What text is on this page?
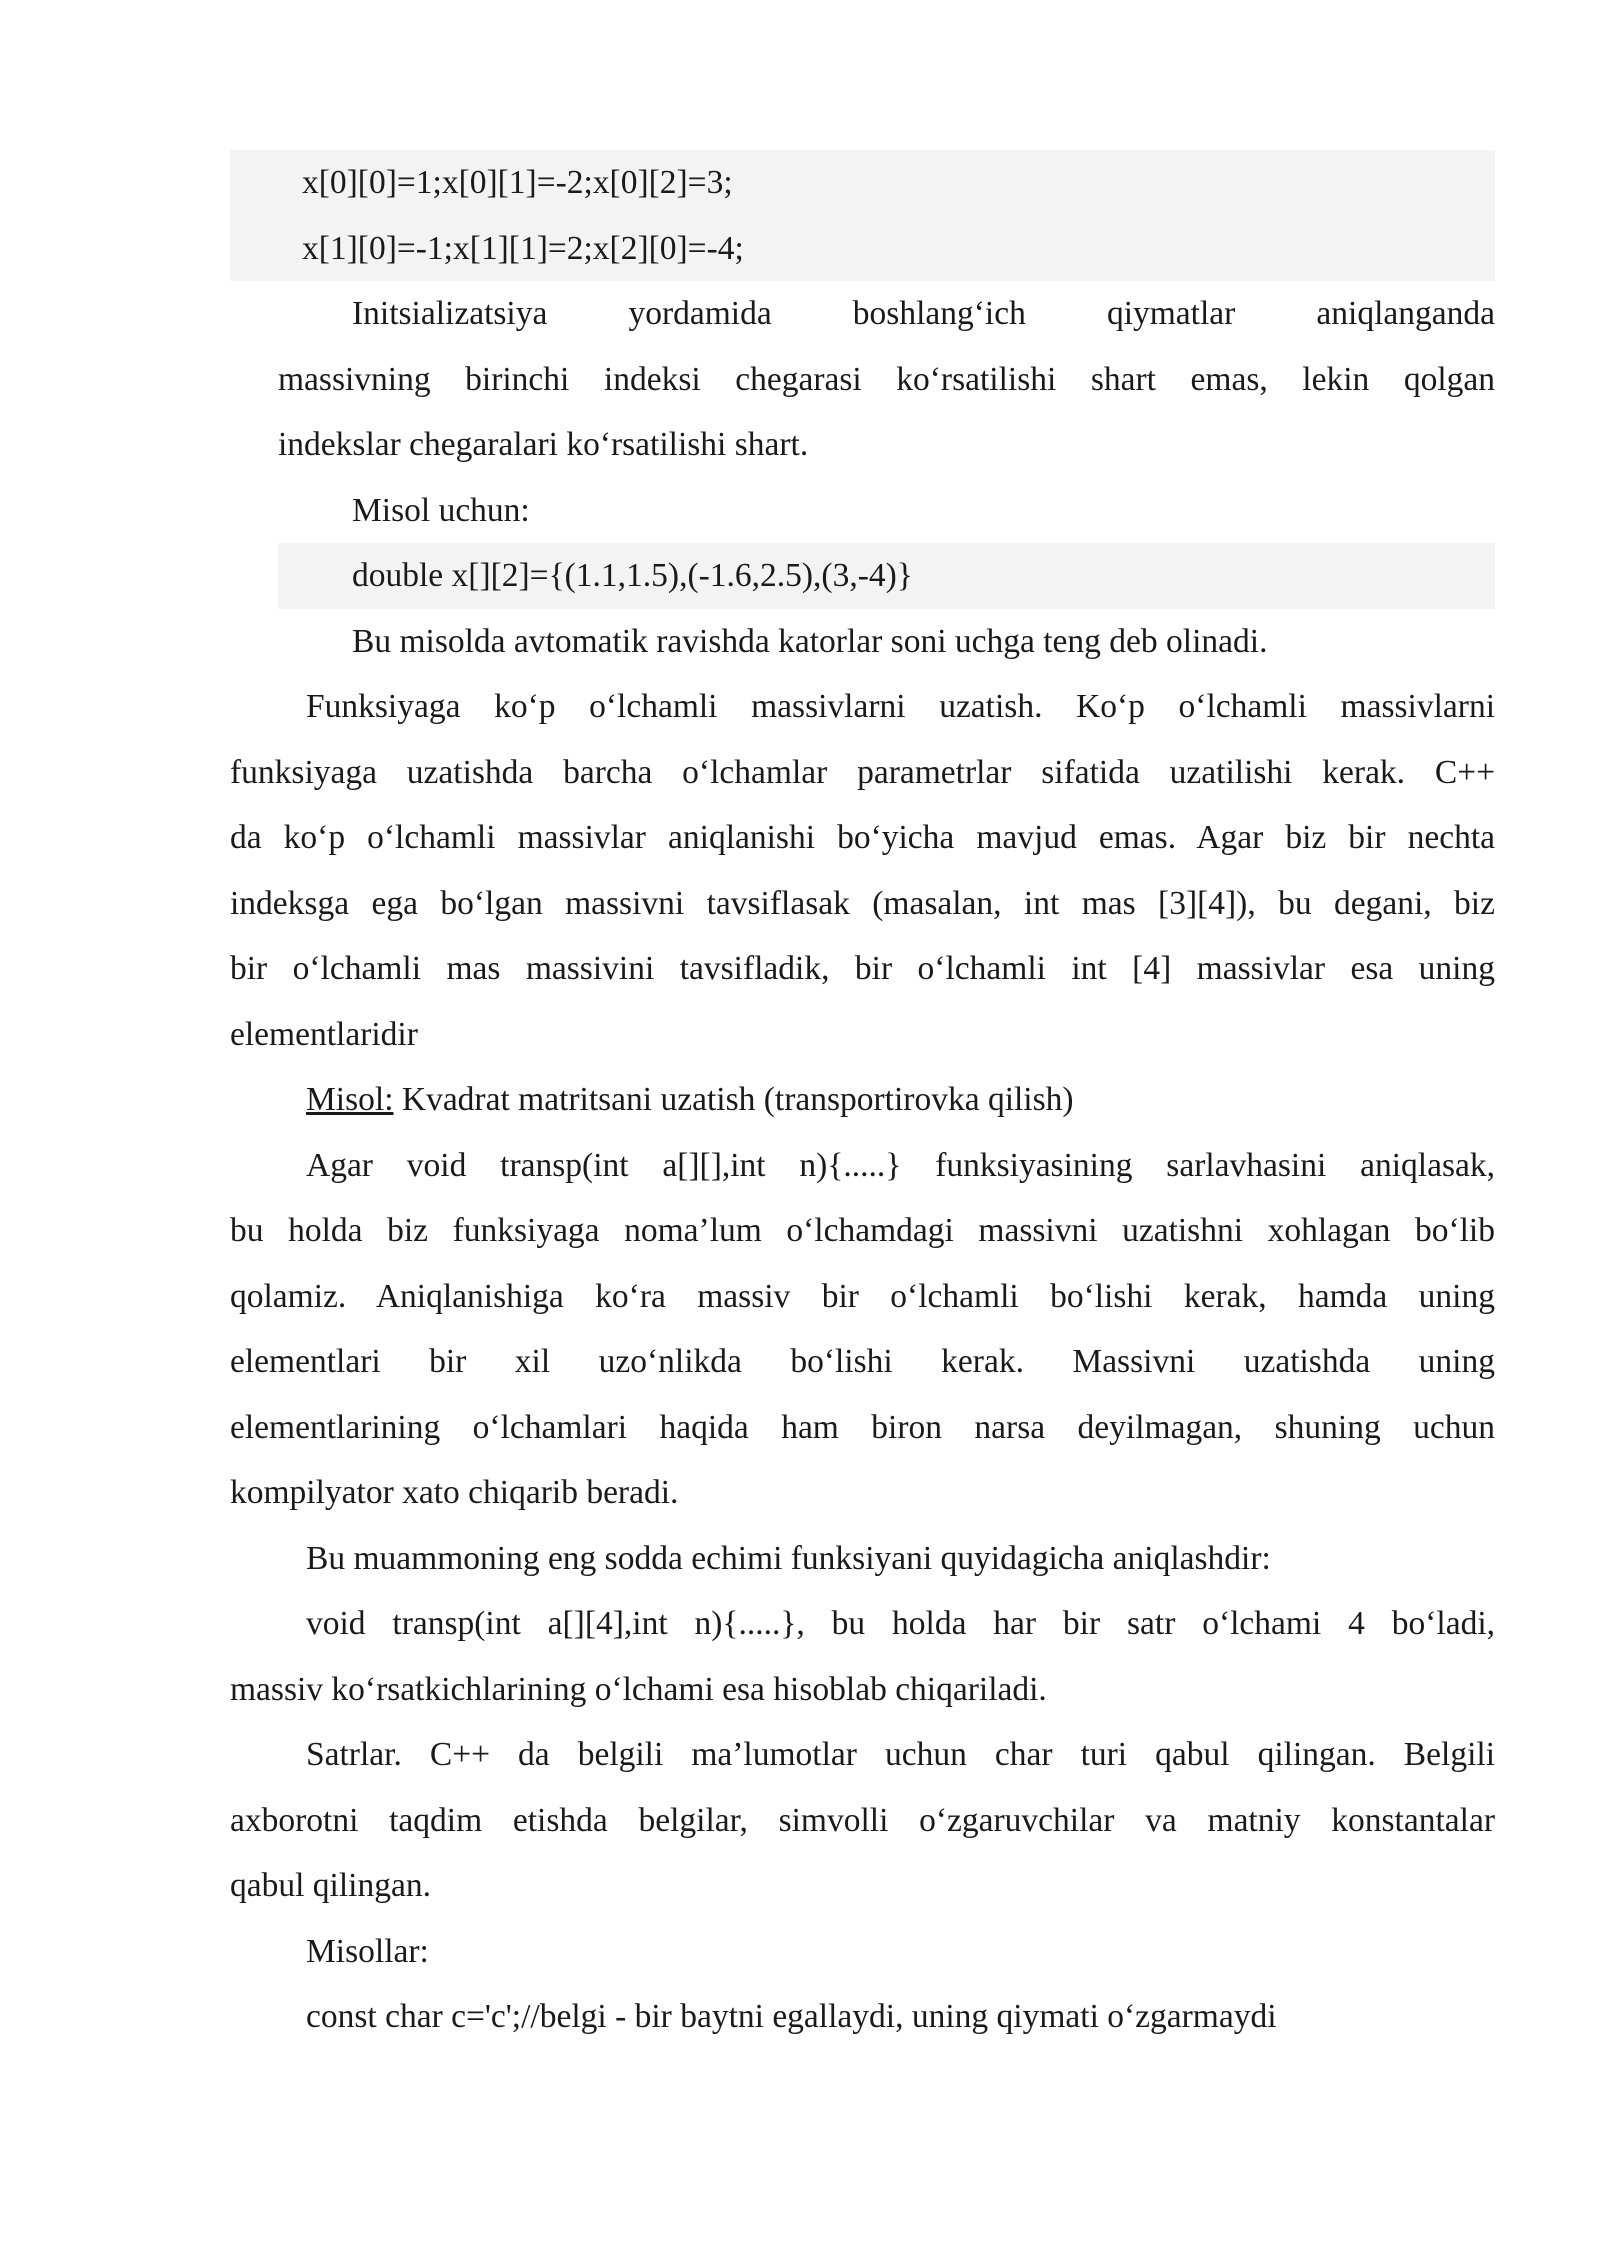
x[0][0]=1;x[0][1]=-2;x[0][2]=3;
x[1][0]=-1;x[1][1]=2;x[2][0]=-4;
Initsializatsiya yordamida boshlang‘ich qiymatlar aniqlanganda
massivning birinchi indeksi chegarasi ko‘rsatilishi shart emas, lekin qolgan
indekslar chegaralari ko‘rsatilishi shart.
Misol uchun:
double x[][2]={(1.1,1.5),(-1.6,2.5),(3,-4)}
Bu misolda avtomatik ravishda katorlar soni uchga teng deb olinadi.
Funksiyaga ko‘p o‘lchamli massivlarni uzatish. Ko‘p o‘lchamli massivlarni
funksiyaga uzatishda barcha o‘lchamlar parametrlar sifatida uzatilishi kerak. C++
da ko‘p o‘lchamli massivlar aniqlanishi bo‘yicha mavjud emas. Agar biz bir nechta
indeksga ega bo‘lgan massivni tavsiflasak (masalan, int mas [3][4]), bu degani, biz
bir o‘lchamli mas massivini tavsifladik, bir o‘lchamli int [4] massivlar esa uning
elementlaridir
Misol: Kvadrat matritsani uzatish (transportirovka qilish)
Agar void transp(int a[][],int n){.....} funksiyasining sarlavhasini aniqlasak,
bu holda biz funksiyaga noma’lum o‘lchamdagi massivni uzatishni xohlagan bo‘lib
qolamiz. Aniqlanishiga ko‘ra massiv bir o‘lchamli bo‘lishi kerak, hamda uning
elementlari bir xil uzo‘nlikda bo‘lishi kerak. Massivni uzatishda uning
elementlarining o‘lchamlari haqida ham biron narsa deyilmagan, shuning uchun
kompilyator xato chiqarib beradi.
Bu muammoning eng sodda echimi funksiyani quyidagicha aniqlashdir:
void transp(int a[][4],int n){.....}, bu holda har bir satr o‘lchami 4 bo‘ladi,
massiv ko‘rsatkichlarining o‘lchami esa hisoblab chiqariladi.
Satrlar. C++ da belgili ma’lumotlar uchun char turi qabul qilingan. Belgili
axborotni taqdim etishda belgilar, simvolli o‘zgaruvchilar va matniy konstantalar
qabul qilingan.
Misollar:
const char c='c';//belgi - bir baytni egallaydi, uning qiymati o‘zgarmaydi
